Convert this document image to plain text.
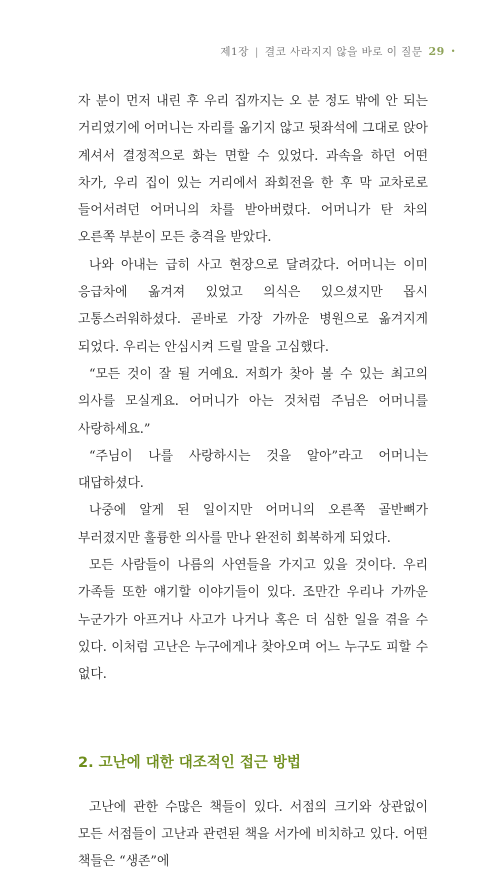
제1장 | 결코 사라지지 않을 바로 이 질문 29 •

자 분이 먼저 내린 후 우리 집까지는 오 분 정도 밖에 안 되는 거리였기에 어머니는 자리를 옮기지 않고 뒷좌석에 그대로 앉아 계셔서 결정적으로 화는 면할 수 있었다. 과속을 하던 어떤 차가, 우리 집이 있는 거리에서 좌회전을 한 후 막 교차로로 들어서려던 어머니의 차를 받아버렸다. 어머니가 탄 차의 오른쪽 부분이 모든 충격을 받았다.

나와 아내는 급히 사고 현장으로 달려갔다. 어머니는 이미 응급차에 옮겨져 있었고 의식은 있으셨지만 몹시 고통스러워하셨다. 곧바로 가장 가까운 병원으로 옮겨지게 되었다. 우리는 안심시켜 드릴 말을 고심했다.

“모든 것이 잘 될 거예요. 저희가 찾아 볼 수 있는 최고의 의사를 모실게요. 어머니가 아는 것처럼 주님은 어머니를 사랑하세요.”

“주님이 나를 사랑하시는 것을 알아”라고 어머니는 대답하셨다.

나중에 알게 된 일이지만 어머니의 오른쪽 골반뼈가 부러졌지만 훌륭한 의사를 만나 완전히 회복하게 되었다.

모든 사람들이 나름의 사연들을 가지고 있을 것이다. 우리 가족들 또한 얘기할 이야기들이 있다. 조만간 우리나 가까운 누군가가 아프거나 사고가 나거나 혹은 더 심한 일을 겪을 수 있다. 이처럼 고난은 누구에게나 찾아오며 어느 누구도 피할 수 없다.

2. 고난에 대한 대조적인 접근 방법

고난에 관한 수많은 책들이 있다. 서점의 크기와 상관없이 모든 서점들이 고난과 관련된 책을 서가에 비치하고 있다. 어떤 책들은 “생존”에
